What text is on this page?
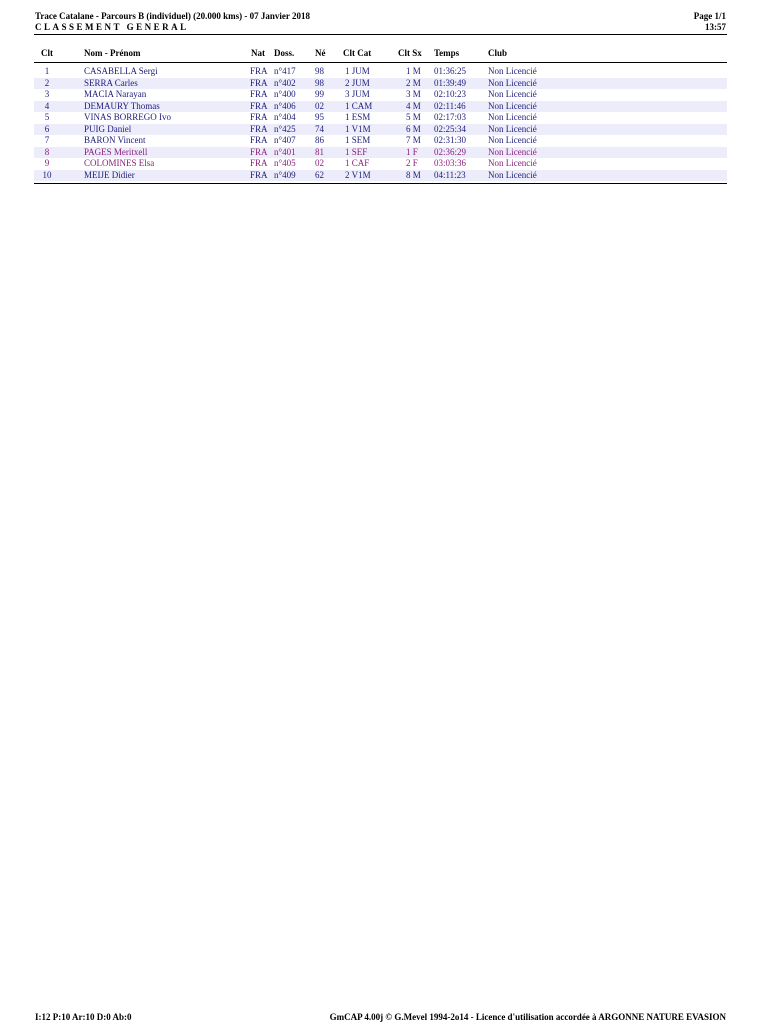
Trace Catalane - Parcours B (individuel) (20.000 kms) - 07 Janvier 2018
CLASSEMENT GENERAL
Page 1/1
13:57
Clt	Nom - Prénom	Nat Doss. Né Clt Cat	Clt Sx Temps	Club
1	CASABELLA Sergi	FRA n°417 98 1 JUM	1 M 01:36:25 Non Licencié
2	SERRA Carles	FRA n°402 98 2 JUM	2 M 01:39:49 Non Licencié
3	MACIA Narayan	FRA n°400 99 3 JUM	3 M 02:10:23 Non Licencié
4	DEMAURY Thomas	FRA n°406 02 1 CAM	4 M 02:11:46 Non Licencié
5	VINAS BORREGO Ivo	FRA n°404 95 1 ESM	5 M 02:17:03 Non Licencié
6	PUIG Daniel	FRA n°425 74 1 V1M	6 M 02:25:34 Non Licencié
7	BARON Vincent	FRA n°407 86 1 SEM	7 M 02:31:30 Non Licencié
8	PAGES Meritxell	FRA n°401 81 1 SEF	1 F 02:36:29 Non Licencié
9	COLOMINES Elsa	FRA n°405 02 1 CAF	2 F 03:03:36 Non Licencié
10	MEIJE Didier	FRA n°409 62 2 V1M	8 M 04:11:23 Non Licencié
I:12 P:10 Ar:10 D:0 Ab:0	GmCAP 4.00j © G.Mevel 1994-2o14 - Licence d'utilisation accordée à ARGONNE NATURE EVASION
